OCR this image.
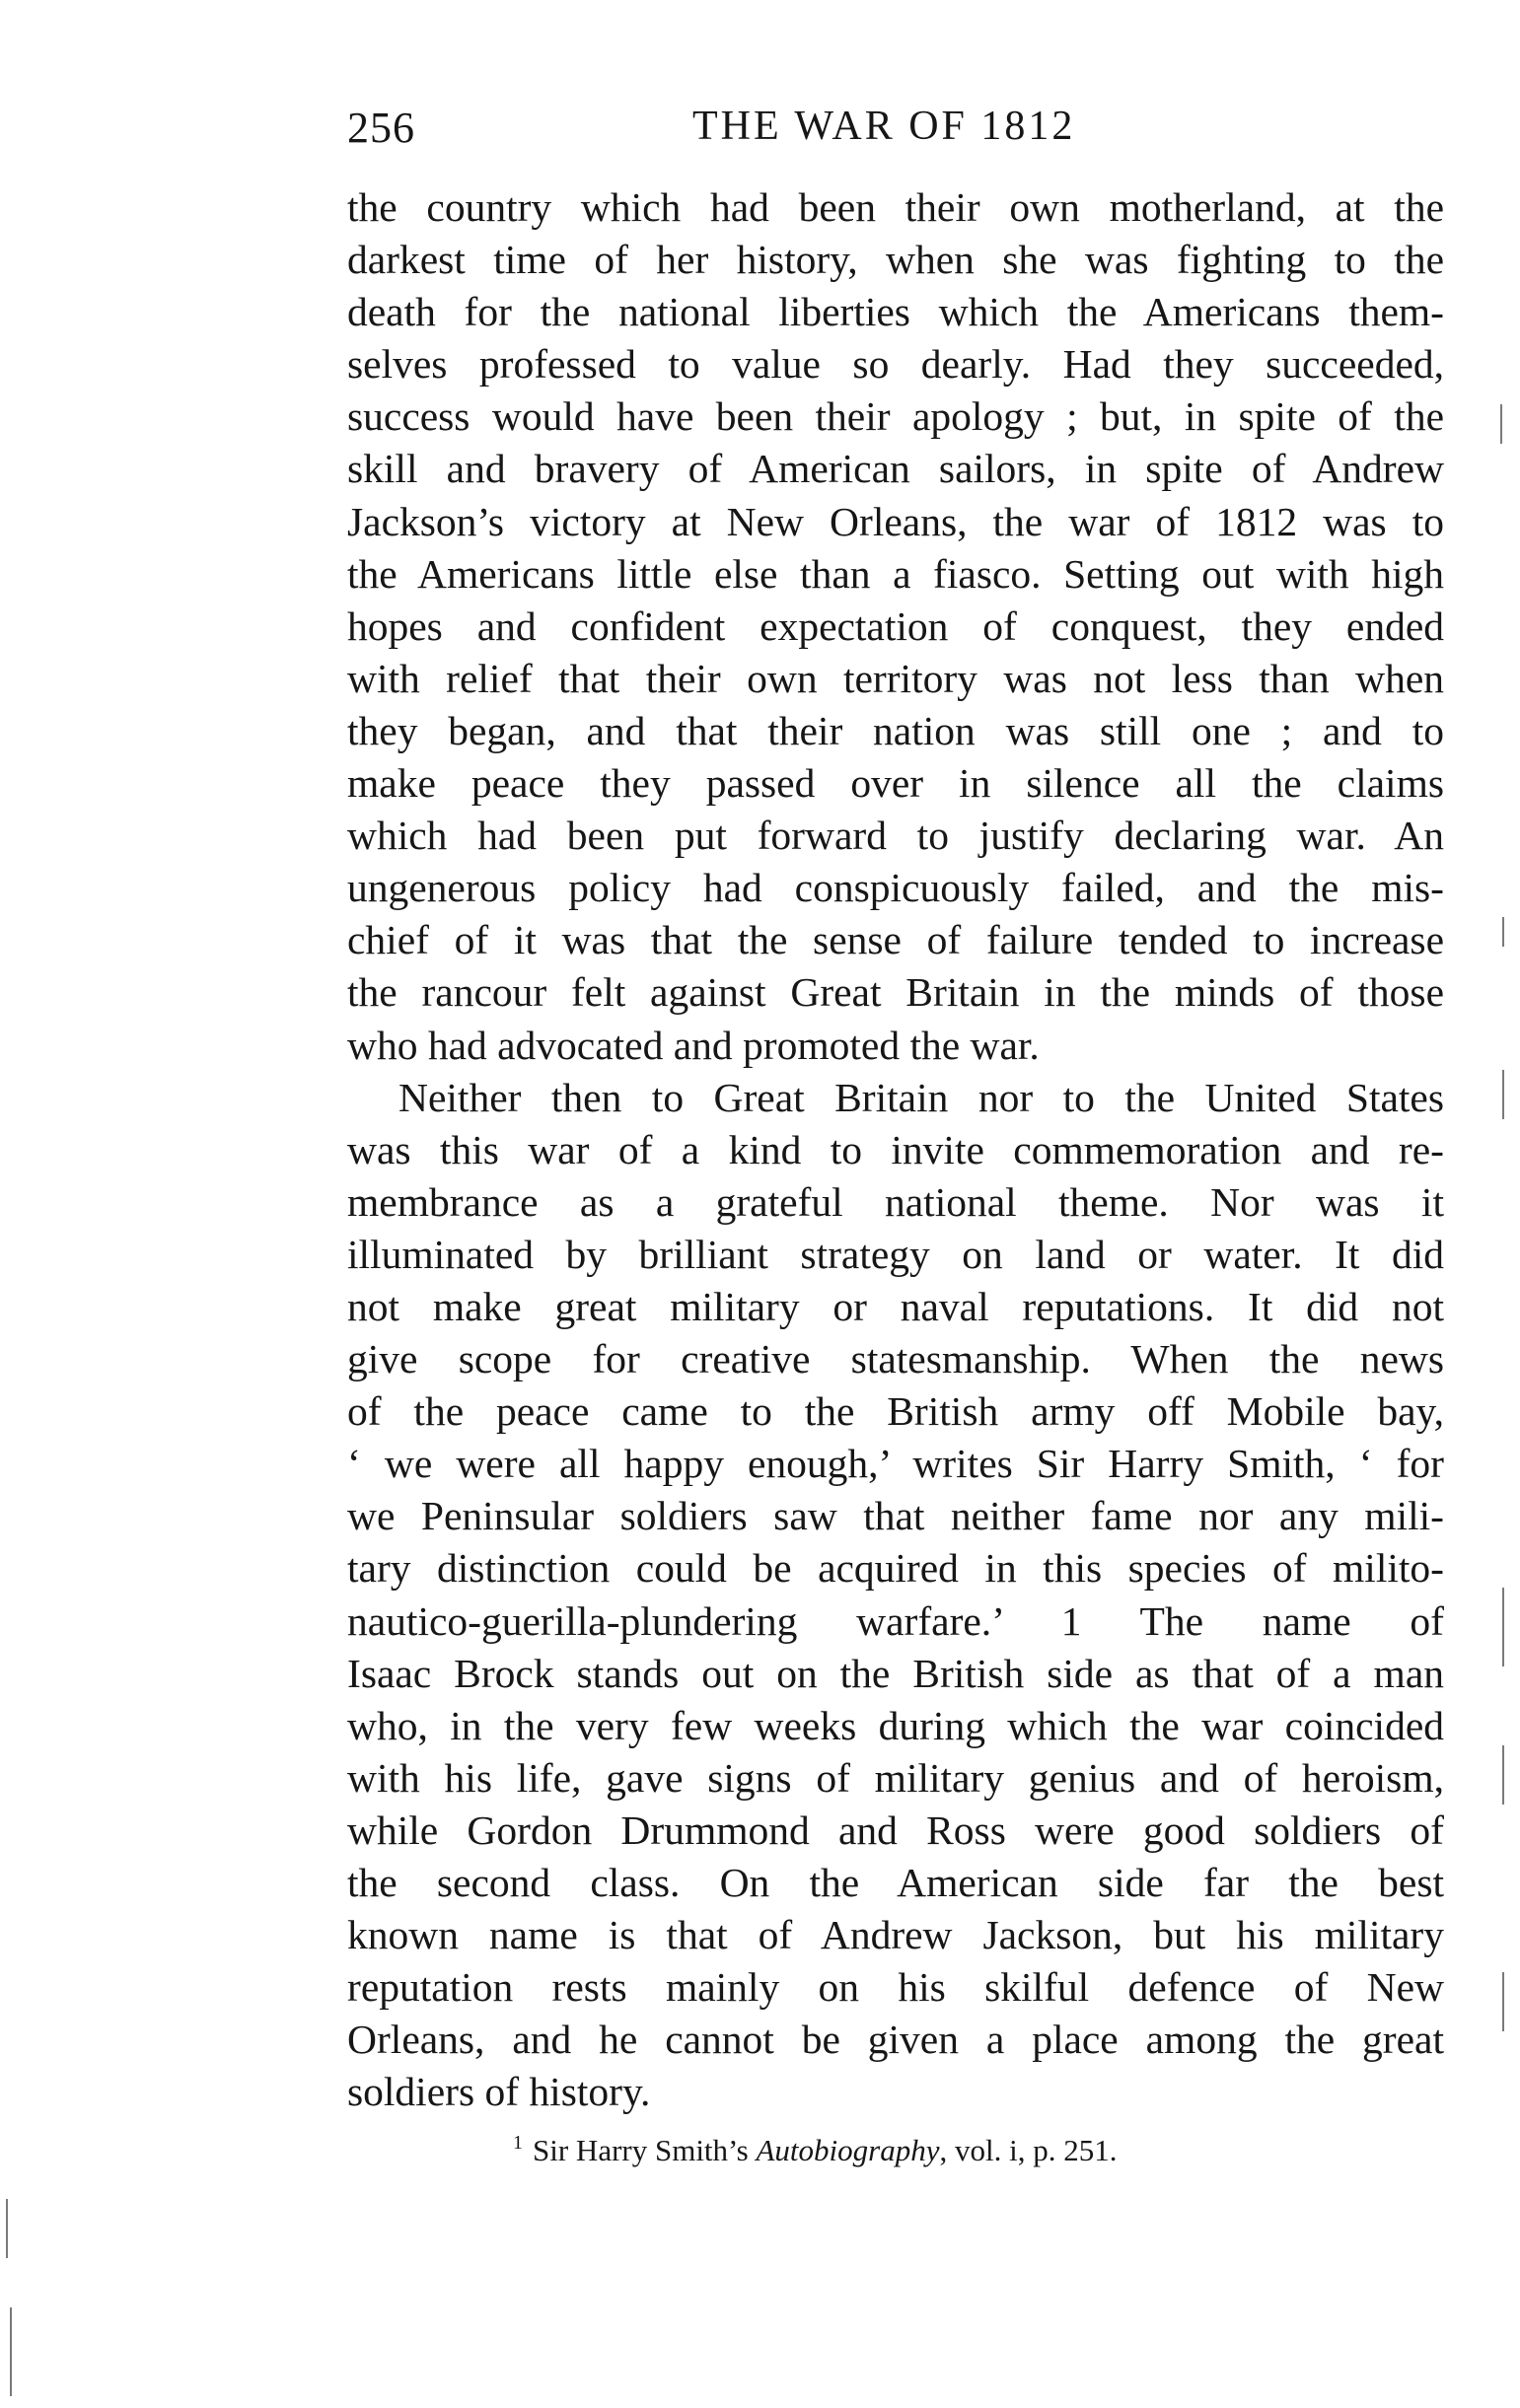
256	THE WAR OF 1812
the country which had been their own motherland, at the
darkest time of her history, when she was fighting to the
death for the national liberties which the Americans them-
selves professed to value so dearly. Had they succeeded,
success would have been their apology ; but, in spite of the
skill and bravery of American sailors, in spite of Andrew
Jackson’s victory at New Orleans, the war of 1812 was to
the Americans little else than a fiasco. Setting out with high
hopes and confident expectation of conquest, they ended
with relief that their own territory was not less than when
they began, and that their nation was still one ; and to
make peace they passed over in silence all the claims
which had been put forward to justify declaring war. An
ungenerous policy had conspicuously failed, and the mis-
chief of it was that the sense of failure tended to increase
the rancour felt against Great Britain in the minds of those
who had advocated and promoted the war.
Neither then to Great Britain nor to the United States
was this war of a kind to invite commemoration and re-
membrance as a grateful national theme. Nor was it
illuminated by brilliant strategy on land or water. It did
not make great military or naval reputations. It did not
give scope for creative statesmanship. When the news
of the peace came to the British army off Mobile bay,
‘ we were all happy enough,’ writes Sir Harry Smith, ‘ for
we Peninsular soldiers saw that neither fame nor any mili-
tary distinction could be acquired in this species of milito-
nautico-guerilla-plundering warfare.’ 1 The name of
Isaac Brock stands out on the British side as that of a man
who, in the very few weeks during which the war coincided
with his life, gave signs of military genius and of heroism,
while Gordon Drummond and Ross were good soldiers of
the second class. On the American side far the best
known name is that of Andrew Jackson, but his military
reputation rests mainly on his skilful defence of New
Orleans, and he cannot be given a place among the great
soldiers of history.
$^1$ Sir Harry Smith’s Autobiography, vol. i, p. 251.
